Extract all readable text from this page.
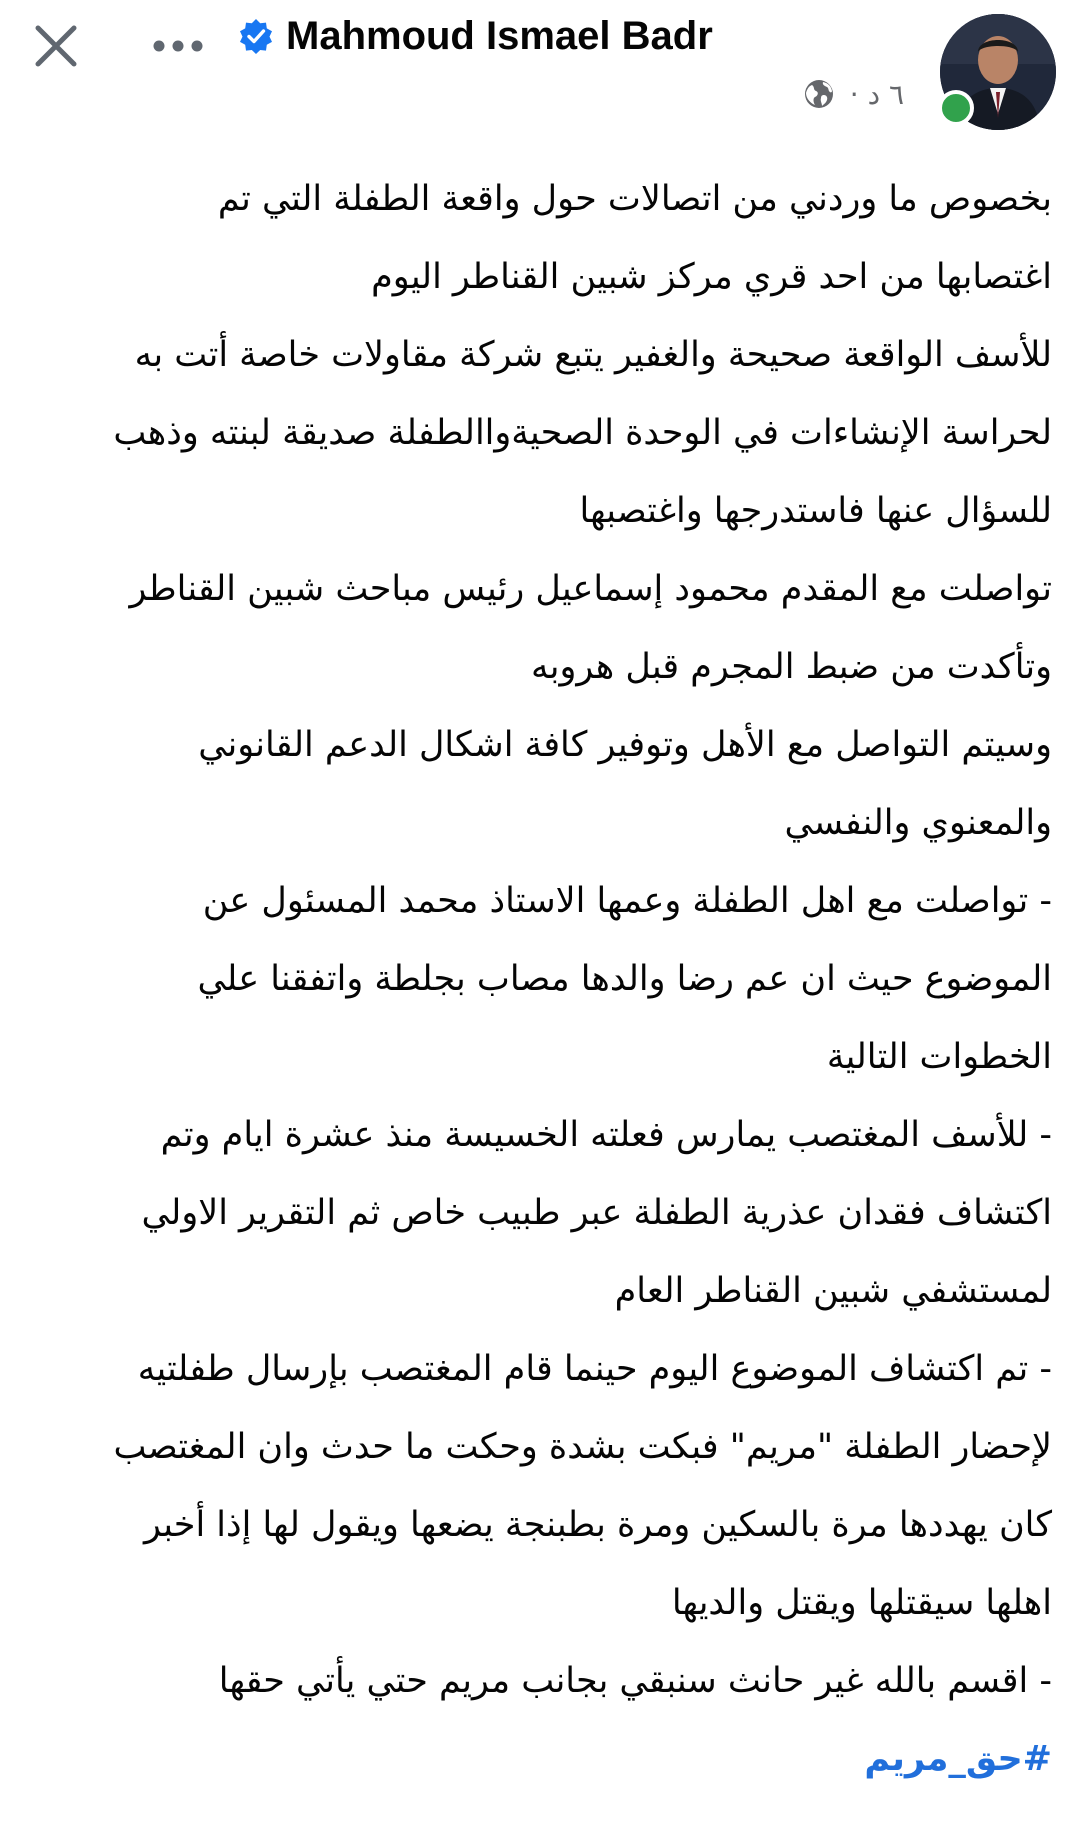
Mahmoud Ismael Badr
٦ د ·
بخصوص ما وردني من اتصالات حول واقعة الطفلة التي تم
اغتصابها من احد قري مركز شبين القناطر اليوم
للأسف الواقعة صحيحة والغفير يتبع شركة مقاولات خاصة أتت به
لحراسة الإنشاءات في الوحدة الصحيةواالطفلة صديقة لبنته وذهب
للسؤال عنها فاستدرجها واغتصبها
تواصلت مع المقدم محمود إسماعيل رئيس مباحث شبين القناطر
وتأكدت من ضبط المجرم قبل هروبه
وسيتم التواصل مع الأهل وتوفير كافة اشكال الدعم القانوني
والمعنوي والنفسي
- تواصلت مع اهل الطفلة وعمها الاستاذ محمد المسئول عن
الموضوع حيث ان عم رضا والدها مصاب بجلطة واتفقنا علي
الخطوات التالية
- للأسف المغتصب يمارس فعلته الخسيسة منذ عشرة ايام وتم
اكتشاف فقدان عذرية الطفلة عبر طبيب خاص ثم التقرير الاولي
لمستشفي شبين القناطر العام
- تم اكتشاف الموضوع اليوم حينما قام المغتصب بإرسال طفلتيه
لإحضار الطفلة "مريم" فبكت بشدة وحكت ما حدث وان المغتصب
كان يهددها مرة بالسكين ومرة بطبنجة يضعها ويقول لها إذا أخبر
اهلها سيقتلها ويقتل والديها
- اقسم بالله غير حانث سنبقي بجانب مريم حتي يأتي حقها
#حق_مريم
